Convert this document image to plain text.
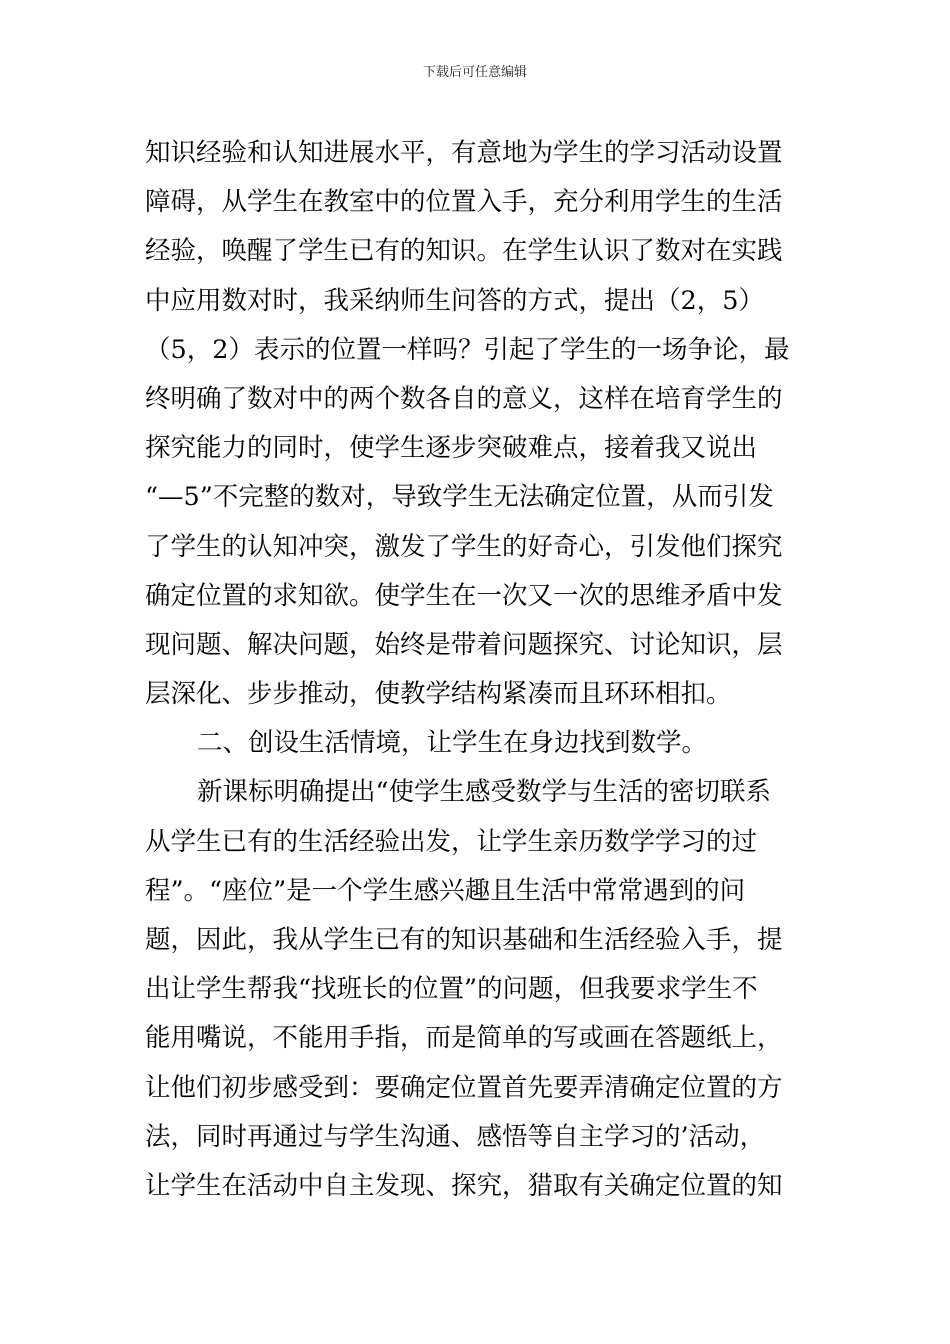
下载后可任意编辑
知识经验和认知进展水平，有意地为学生的学习活动设置
障碍，从学生在教室中的位置入手，充分利用学生的生活
经验，唤醒了学生已有的知识。在学生认识了数对在实践
中应用数对时，我采纳师生问答的方式，提出（2，5）
（5，2）表示的位置一样吗？引起了学生的一场争论，最
终明确了数对中的两个数各自的意义，这样在培育学生的
探究能力的同时，使学生逐步突破难点，接着我又说出
“—5”不完整的数对，导致学生无法确定位置，从而引发
了学生的认知冲突，激发了学生的好奇心，引发他们探究
确定位置的求知欲。使学生在一次又一次的思维矛盾中发
现问题、解决问题，始终是带着问题探究、讨论知识，层
层深化、步步推动，使教学结构紧凑而且环环相扣。
二、创设生活情境，让学生在身边找到数学。
新课标明确提出“使学生感受数学与生活的密切联系
从学生已有的生活经验出发，让学生亲历数学学习的过
程”。“座位”是一个学生感兴趣且生活中常常遇到的问
题，因此，我从学生已有的知识基础和生活经验入手，提
出让学生帮我“找班长的位置”的问题，但我要求学生不
能用嘴说，不能用手指，而是简单的写或画在答题纸上，
让他们初步感受到：要确定位置首先要弄清确定位置的方
法，同时再通过与学生沟通、感悟等自主学习的’活动，
让学生在活动中自主发现、探究，猎取有关确定位置的知
